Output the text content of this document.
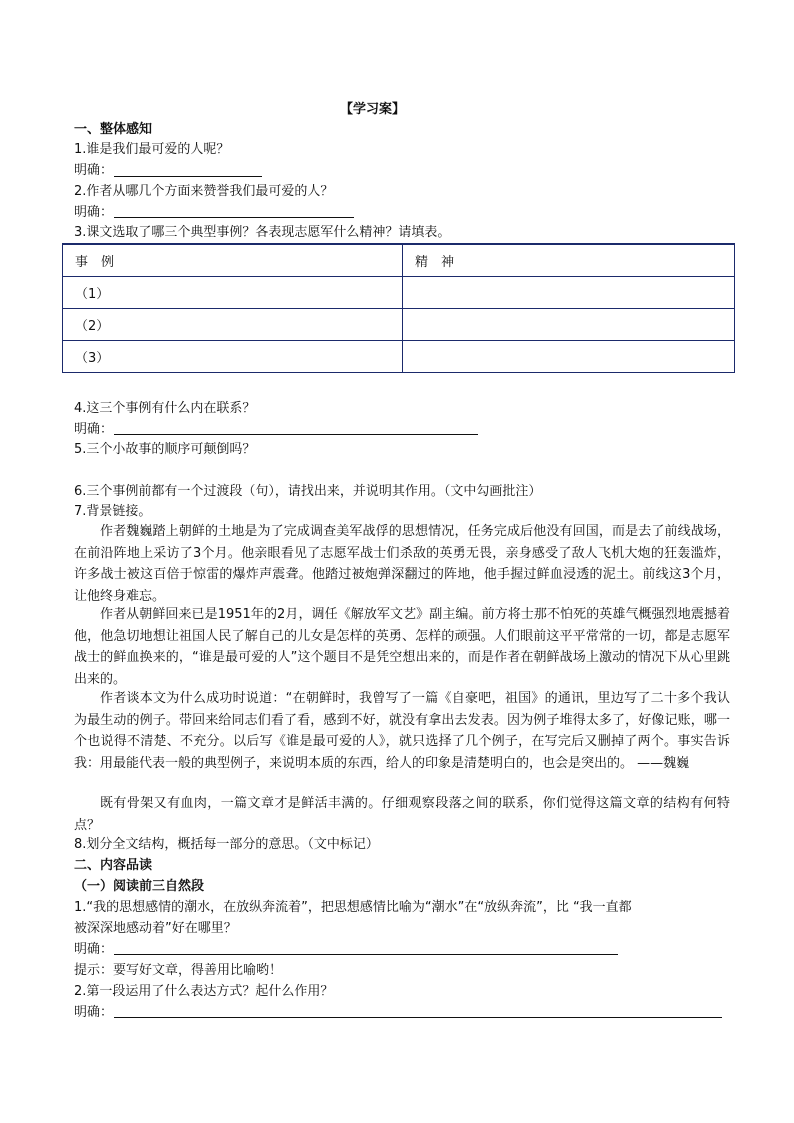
【学习案】
一、整体感知
1.谁是我们最可爱的人呢？
明确：
2.作者从哪几个方面来赞誉我们最可爱的人？
明确：
3.课文选取了哪三个典型事例？各表现志愿军什么精神？请填表。
事　例	精　神
（1）	
（2）	
（3）	
4.这三个事例有什么内在联系？
明确：
5.三个小故事的顺序可颠倒吗？
6.三个事例前都有一个过渡段（句），请找出来，并说明其作用。（文中勾画批注）
7.背景链接。
作者魏巍踏上朝鲜的土地是为了完成调查美军战俘的思想情况，任务完成后他没有回国，而是去了前线战场，在前沿阵地上采访了3个月。他亲眼看见了志愿军战士们杀敌的英勇无畏，亲身感受了敌人飞机大炮的狂轰滥炸，许多战士被这百倍于惊雷的爆炸声震聋。他踏过被炮弹深翻过的阵地，他手握过鲜血浸透的泥土。前线这3个月，让他终身难忘。
作者从朝鲜回来已是1951年的2月，调任《解放军文艺》副主编。前方将士那不怕死的英雄气概强烈地震撼着他，他急切地想让祖国人民了解自己的儿女是怎样的英勇、怎样的顽强。人们眼前这平平常常的一切，都是志愿军战士的鲜血换来的，“谁是最可爱的人”这个题目不是凭空想出来的，而是作者在朝鲜战场上激动的情况下从心里跳出来的。
作者谈本文为什么成功时说道：“在朝鲜时，我曾写了一篇《自豪吧，祖国》的通讯，里边写了二十多个我认为最生动的例子。带回来给同志们看了看，感到不好，就没有拿出去发表。因为例子堆得太多了，好像记账，哪一个也说得不清楚、不充分。以后写《谁是最可爱的人》，就只选择了几个例子，在写完后又删掉了两个。事实告诉我：用最能代表一般的典型例子，来说明本质的东西，给人的印象是清楚明白的，也会是突出的。 ——魏巍
既有骨架又有血肉，一篇文章才是鲜活丰满的。仔细观察段落之间的联系，你们觉得这篇文章的结构有何特点？
8.划分全文结构，概括每一部分的意思。（文中标记）
二、内容品读
（一）阅读前三自然段
1.“我的思想感情的潮水，在放纵奔流着”，把思想感情比喻为“潮水”在“放纵奔流”，比 “我一直都
被深深地感动着”好在哪里？
明确：
提示：要写好文章，得善用比喻哟！
2.第一段运用了什么表达方式？起什么作用？
明确：
